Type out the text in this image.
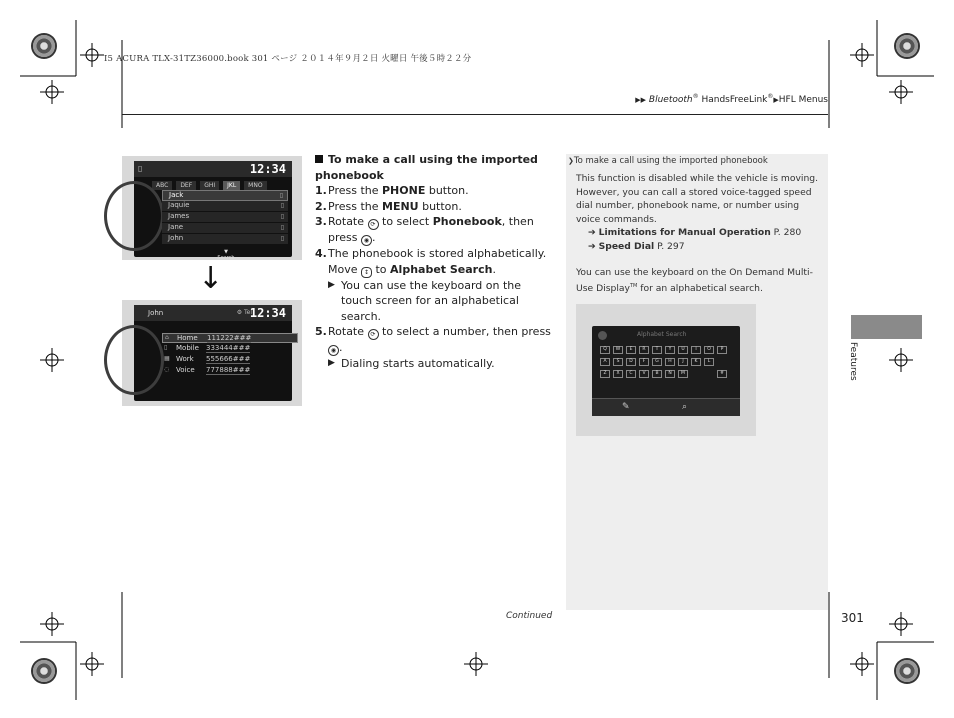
I5 ACURA TLX-31TZ36000.book 301 ページ ２０１４年９月２日 火曜日 午後５時２２分
▶▶ Bluetooth® HandsFreeLink®▶HFL Menus
▯	12:34
ABC	DEF	GHI	JKL	MNO
Jack	▯
Jaquie	▯
James	▯
Jane	▯
John	▯
▼
Search
↓
John	⚙ Tel
12:34
⌂ Home 111222###
▯ Mobile 333444###
▦ Work 555666###
◌ Voice 777888###
To make a call using the imported phonebook
1. Press the PHONE button.
2. Press the MENU button.
3. Rotate ⟳ to select Phonebook, then press ◉ .
4. The phonebook is stored alphabetically.
Move ↕ to Alphabet Search.
▶ You can use the keyboard on the touch screen for an alphabetical search.
5. Rotate ⟳ to select a number, then press
◉ .
▶ Dialing starts automatically.
❯To make a call using the imported phonebook
This function is disabled while the vehicle is moving. However, you can call a stored voice-tagged speed dial number, phonebook name, or number using voice commands.
➔ Limitations for Manual Operation P. 280
➔ Speed Dial P. 297
You can use the keyboard on the On Demand Multi-Use Display™ for an alphabetical search.
Alphabet Search
Q	W	E	R	T	Y	U	I	O	P
A	S	D	F	G	H	J	K	L
Z	X	C	V	B	N	M	#
✎	⌕
Features
Continued	301
